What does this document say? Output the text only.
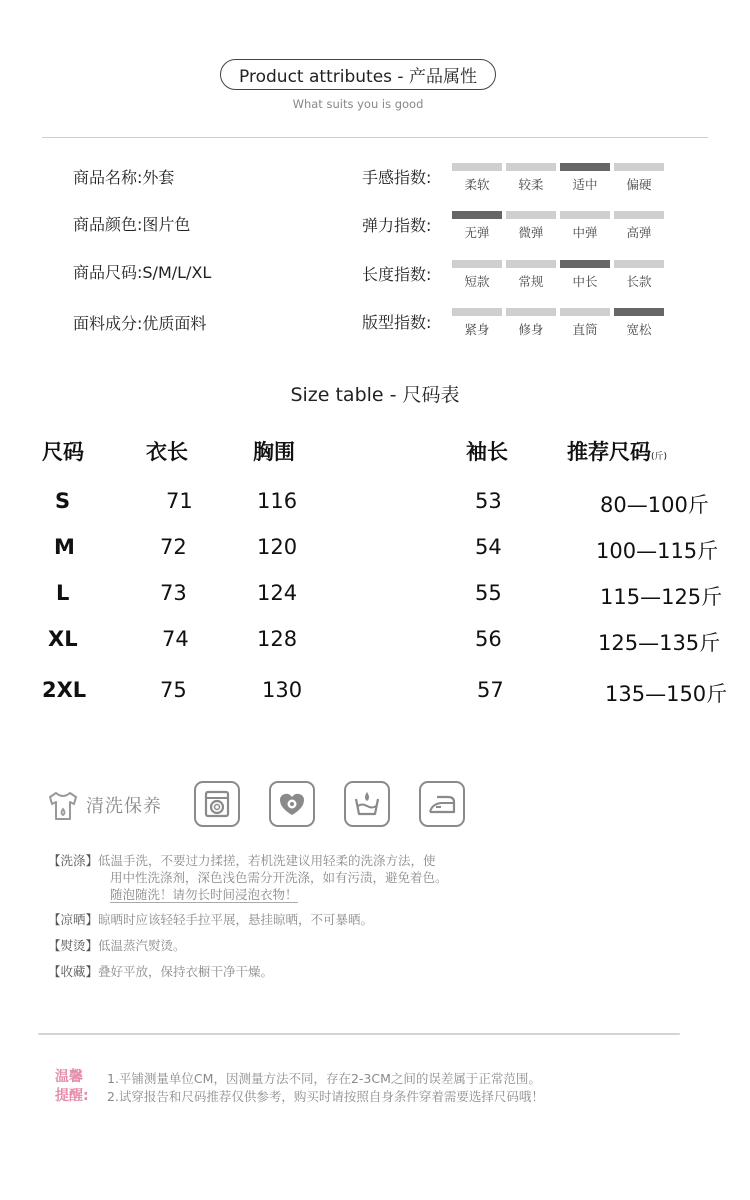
Product attributes - 产品属性
What suits you is good
商品名称:外套
商品颜色:图片色
商品尺码:S/M/L/XL
面料成分:优质面料
手感指数:	柔软 较柔 适中 偏硬
弹力指数:	无弹 微弹 中弹 高弹
长度指数:	短款 常规 中长 长款
版型指数:	紧身 修身 直筒 宽松
Size table - 尺码表
尺码	衣长	胸围	袖长	推荐尺码(斤)
S	71	116	53	80—100斤
M	72	120	54	100—115斤
L	73	124	55	115—125斤
XL	74	128	56	125—135斤
2XL	75	130	57	135—150斤
清洗保养
【洗涤】低温手洗，不要过力揉搓，若机洗建议用轻柔的洗涤方法，使
用中性洗涤剂，深色浅色需分开洗涤，如有污渍，避免着色。
随泡随洗！请勿长时间浸泡衣物！
【凉晒】晾晒时应该轻轻手拉平展，悬挂晾晒，不可暴晒。
【熨烫】低温蒸汽熨烫。
【收藏】叠好平放，保持衣橱干净干燥。
温馨
提醒:
1.平铺测量单位CM，因测量方法不同，存在2-3CM之间的误差属于正常范围。
2.试穿报告和尺码推荐仅供参考，购买时请按照自身条件穿着需要选择尺码哦！
